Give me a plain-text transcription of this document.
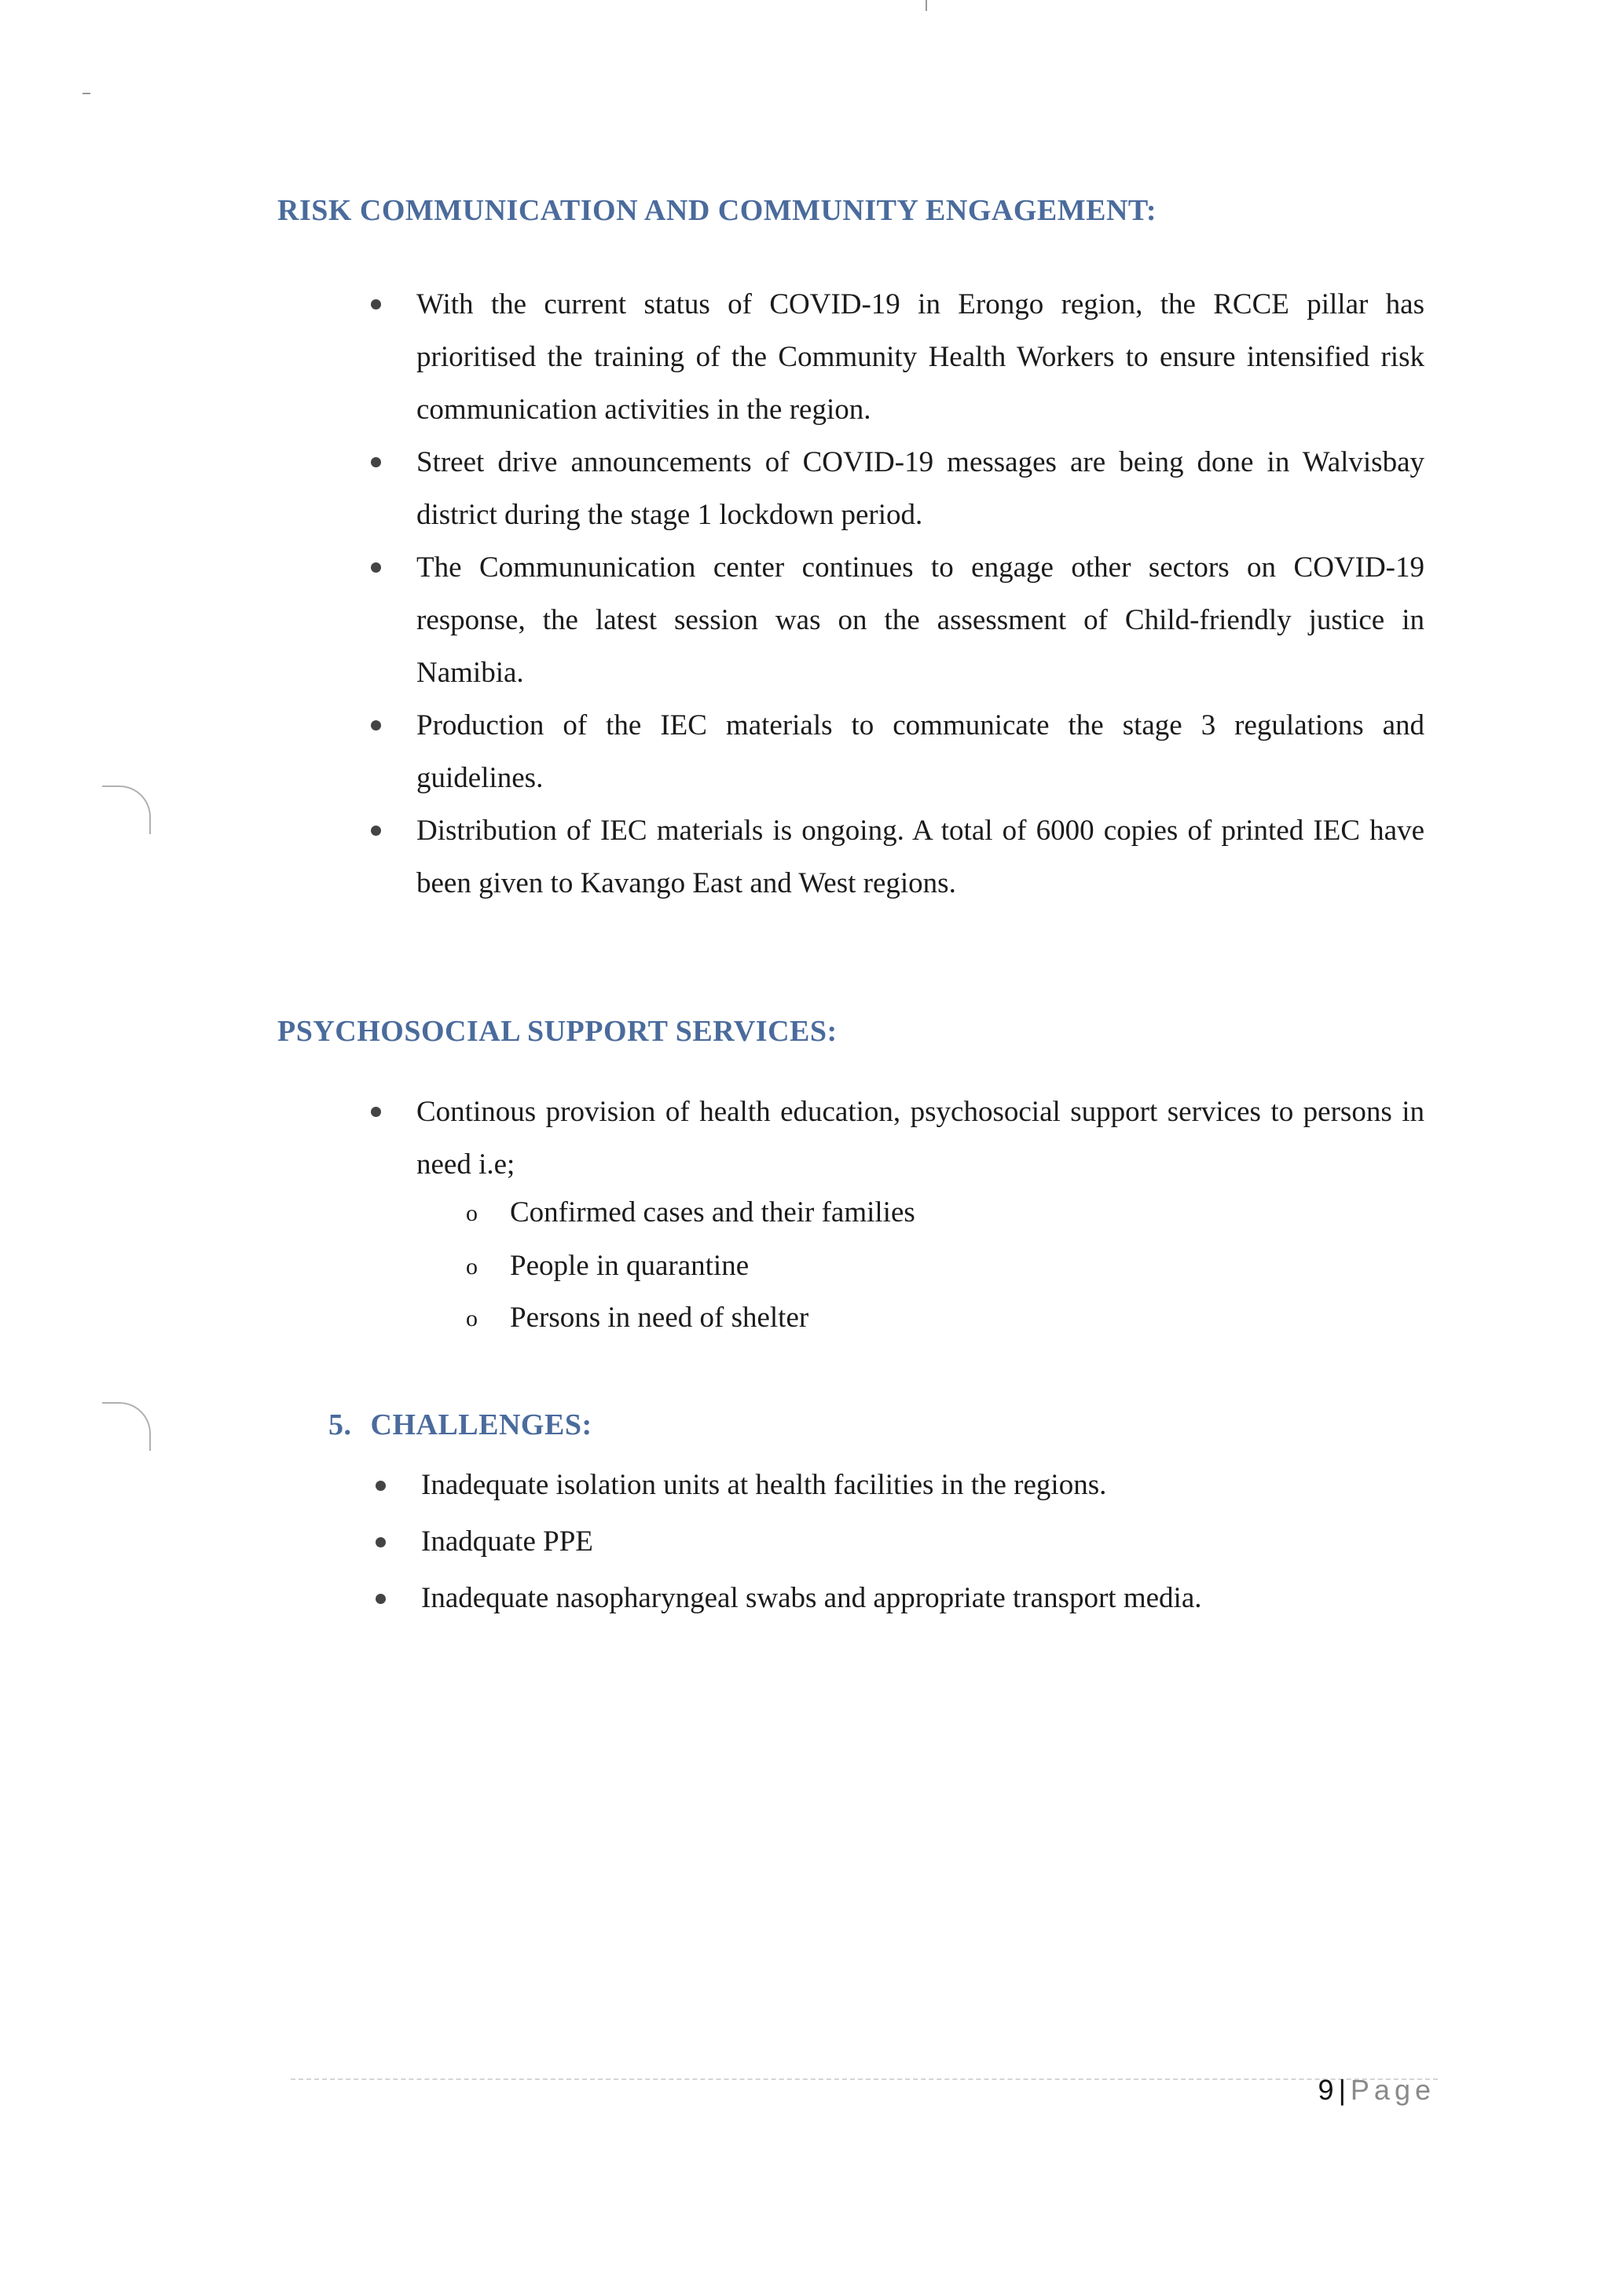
RISK COMMUNICATION AND COMMUNITY ENGAGEMENT:
With the current status of COVID-19 in Erongo region, the RCCE pillar has prioritised the training of the Community Health Workers to ensure intensified risk communication activities in the region.
Street drive announcements of COVID-19 messages are being done in Walvisbay district during the stage 1 lockdown period.
The Commununication center continues to engage other sectors on COVID-19 response, the latest session was on the assessment of Child-friendly justice in Namibia.
Production of the IEC materials to communicate the stage 3 regulations and guidelines.
Distribution of IEC materials is ongoing. A total of 6000 copies of printed IEC have been given to Kavango East and West regions.
PSYCHOSOCIAL SUPPORT SERVICES:
Continous provision of health education, psychosocial support services to persons in need i.e;
o Confirmed cases and their families
o People in quarantine
o Persons in need of shelter
5. CHALLENGES:
Inadequate isolation units at health facilities in the regions.
Inadquate PPE
Inadequate nasopharyngeal swabs and appropriate transport media.
9 | Page
